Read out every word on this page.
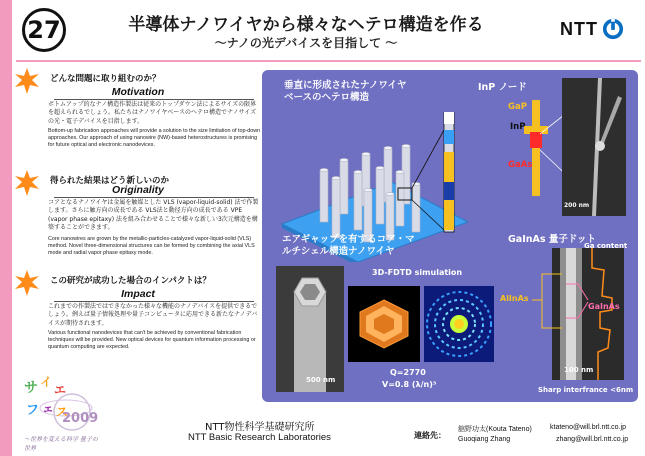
27	半導体ナノワイヤから様々なヘテロ構造を作る
～ナノの光デバイスを目指して ～
NTT
どんな問題に取り組むのか？
Motivation
ボトムアップ的なナノ構造作製法は従来のトップダウン法によるサイズの限界を超えられるでしょう。私たちはナノワイヤベースのヘテロ構造でナノサイズの光・電子デバイスを目指します。
Bottom-up fabrication approaches will provide a solution to the size limitation of top-down approaches. Our approach of using nanowire (NW)-based heterostructures is promising for future optical and electronic nanodevices.
得られた結果はどう新しいのか
Originality
コアとなるナノワイヤは金属を触媒とした VLS (vapor-liquid-solid) 法で作製します。さらに触方向の成長である VLS法と動径方向の成長である VPE (vapor phase epitaxy) 法を組み合わせることで様々な新しい3次元構造を構築することができます。
Core nanowires are grown by the metallic-particles-catalyzed vapor-liquid-solid (VLS) method. Novel three-dimensional structures can be formed by combining the axial VLS mode and radial vapor phase epitaxy mode.
この研究が成功した場合のインパクトは？
Impact
これまでの作製法ではできなかった様々な機能のナノデバイスを提供できるでしょう。例えば量子情報処理や量子コンピュータに応用できる新たなナノデバイスが期待されます。
Various functional nanodevices that can't be achieved by conventional fabrication techniques will be provided. New optical devices for quantum information processing or quantum computing are expected.
サ イ
エ
フ ェ ス
2009
～世界を変える科学 量子の世界
NTT物性科学基礎研究所
NTT Basic Research Laboratories	連絡先：
舘野功太(Kouta Tateno)	ktateno@will.brl.ntt.co.jp
Guoqiang Zhang	zhang@will.brl.ntt.co.jp
垂直に形成されたナノワイヤ
ベースのヘテロ構造
InP ノード
GaP
InP
GaAs
200 nm
エアギャップを有するコア・マ
ルチシェル構造ナノワイヤ
500 nm
3D-FDTD simulation
Q=2770
V=0.8 (λ/n)³
GaInAs 量子ドット
100 nm
Ga content
AlInAs
GaInAs
Sharp interfrance <6nm
